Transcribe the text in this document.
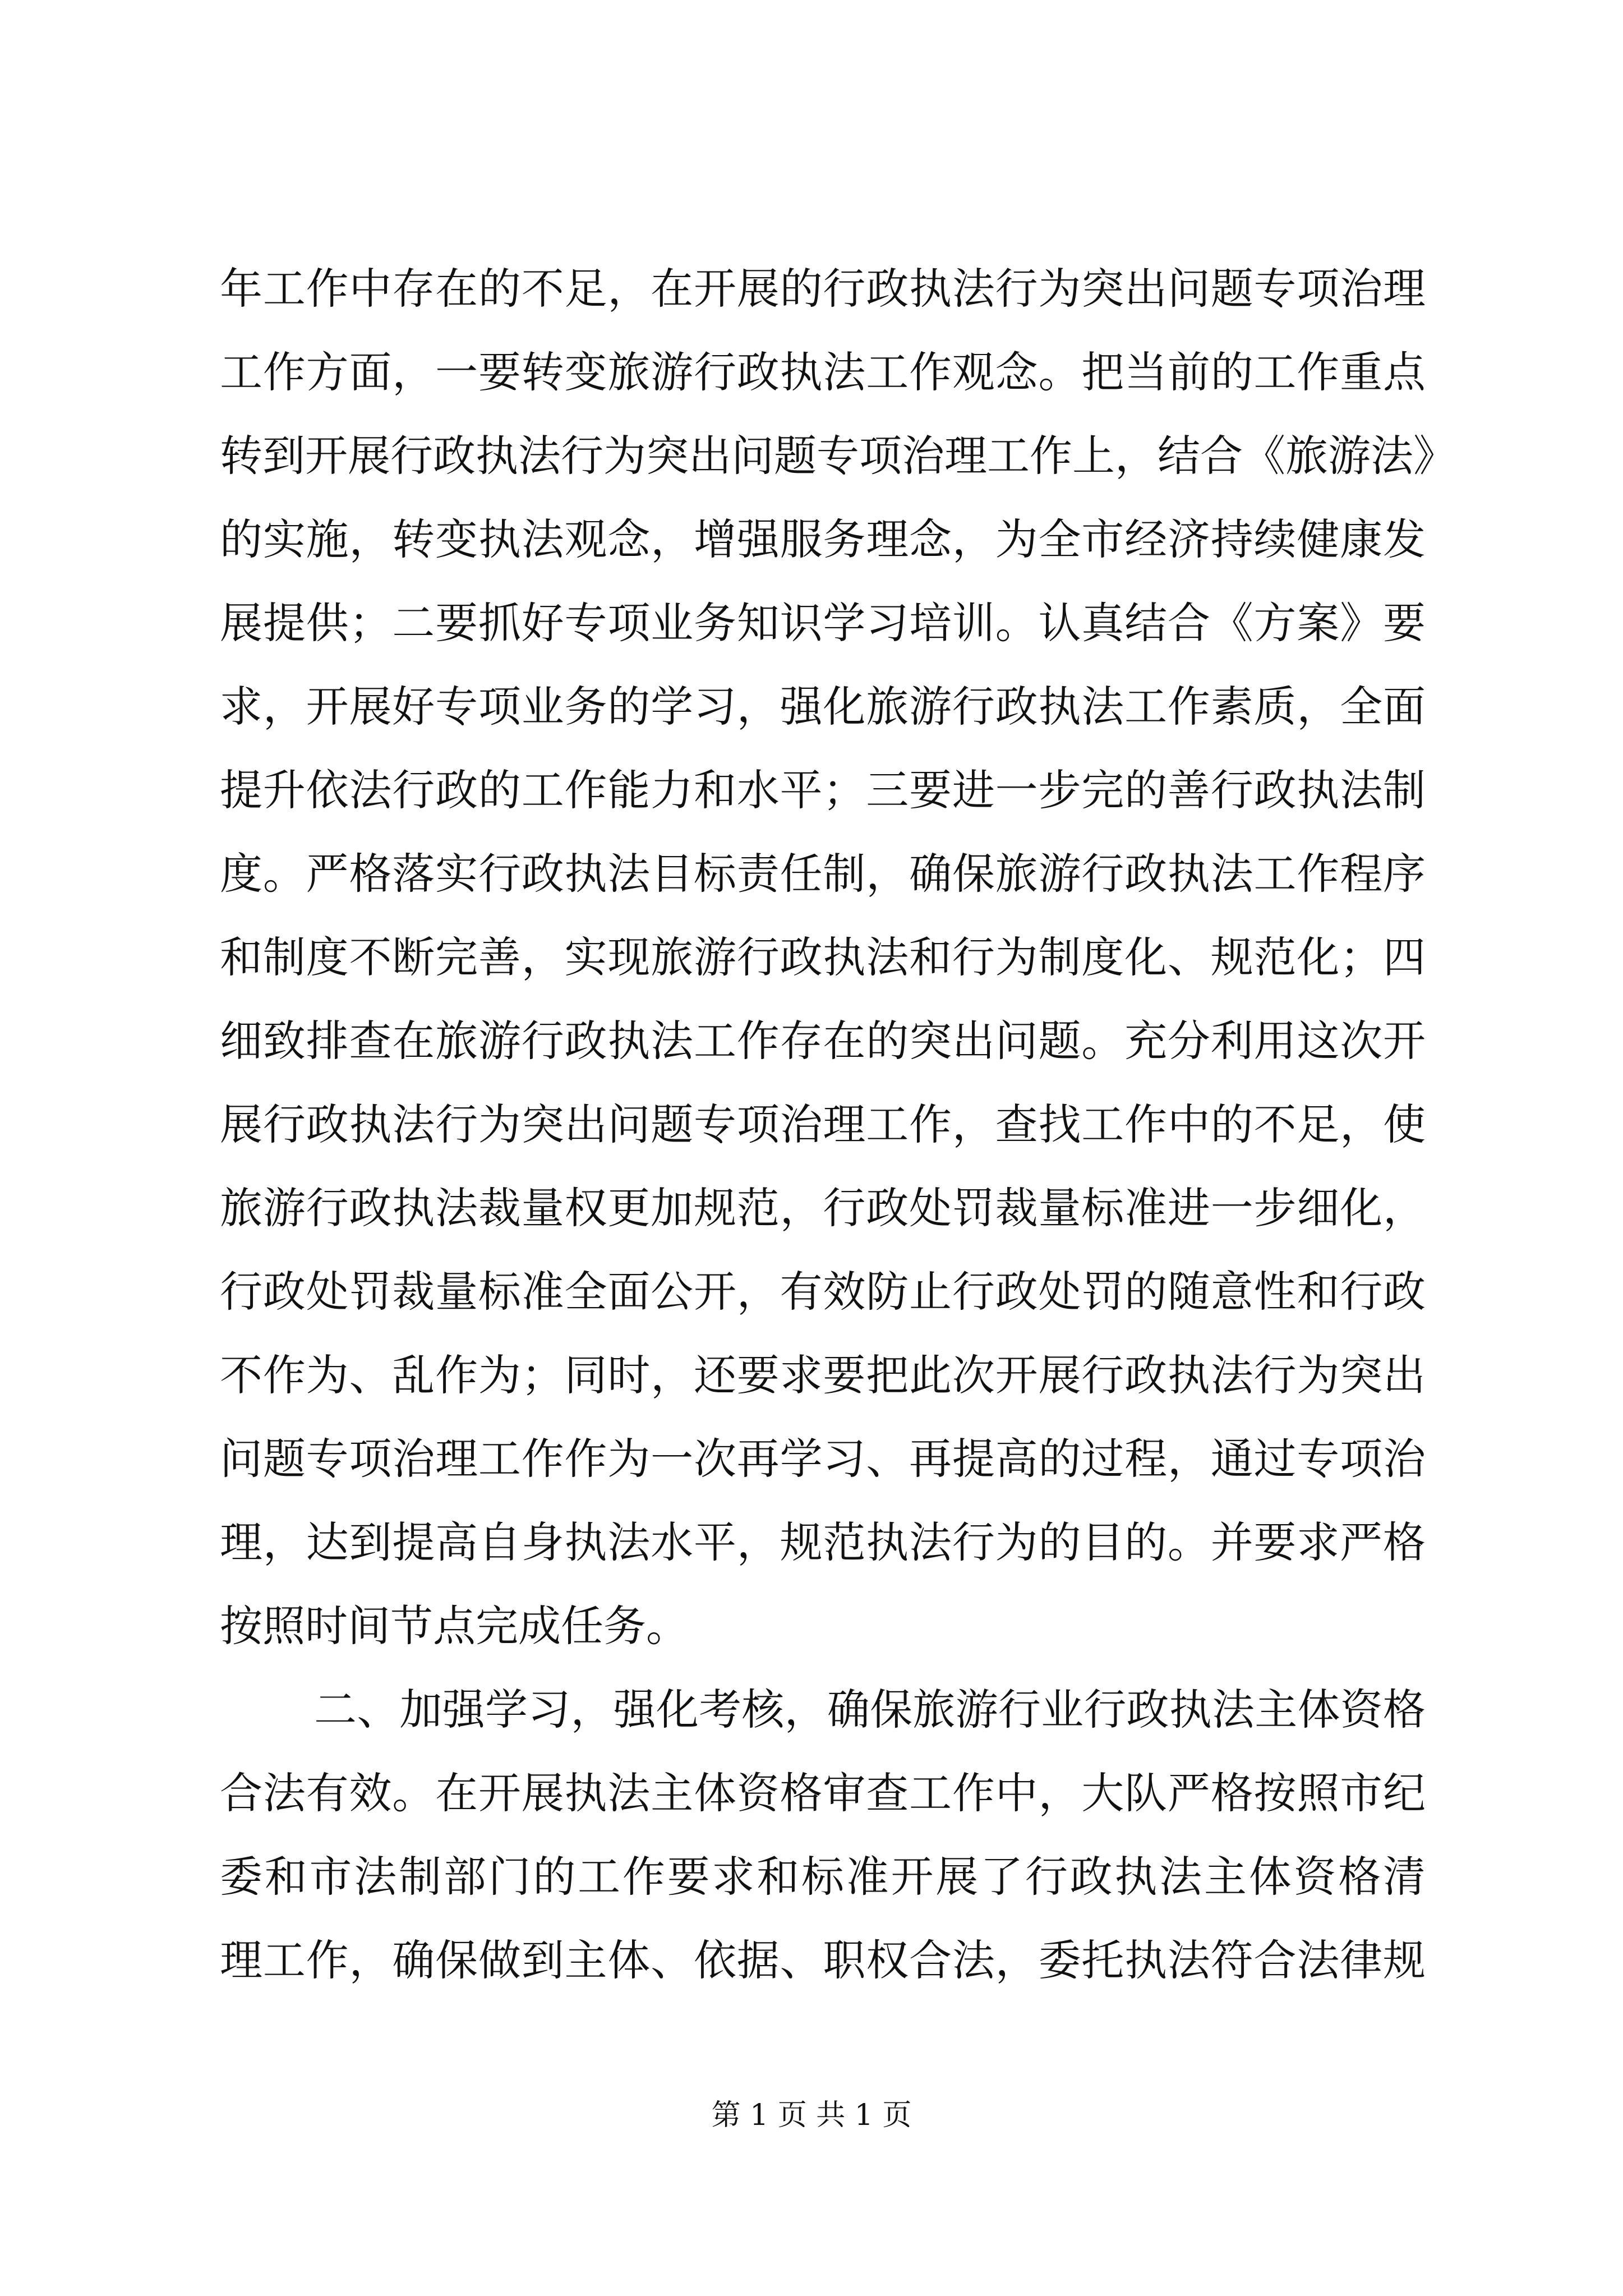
年工作中存在的不足，在开展的行政执法行为突出问题专项治理
工作方面，一要转变旅游行政执法工作观念。把当前的工作重点
转到开展行政执法行为突出问题专项治理工作上，结合《旅游法》
的实施，转变执法观念，增强服务理念，为全市经济持续健康发
展提供；二要抓好专项业务知识学习培训。认真结合《方案》要
求，开展好专项业务的学习，强化旅游行政执法工作素质，全面
提升依法行政的工作能力和水平；三要进一步完的善行政执法制
度。严格落实行政执法目标责任制，确保旅游行政执法工作程序
和制度不断完善，实现旅游行政执法和行为制度化、规范化；四
细致排查在旅游行政执法工作存在的突出问题。充分利用这次开
展行政执法行为突出问题专项治理工作，查找工作中的不足，使
旅游行政执法裁量权更加规范，行政处罚裁量标准进一步细化，
行政处罚裁量标准全面公开，有效防止行政处罚的随意性和行政
不作为、乱作为；同时，还要求要把此次开展行政执法行为突出
问题专项治理工作作为一次再学习、再提高的过程，通过专项治
理，达到提高自身执法水平，规范执法行为的目的。并要求严格
按照时间节点完成任务。
二、加强学习，强化考核，确保旅游行业行政执法主体资格
合法有效。在开展执法主体资格审查工作中，大队严格按照市纪
委和市法制部门的工作要求和标准开展了行政执法主体资格清
理工作，确保做到主体、依据、职权合法，委托执法符合法律规
第 1 页 共 1 页
